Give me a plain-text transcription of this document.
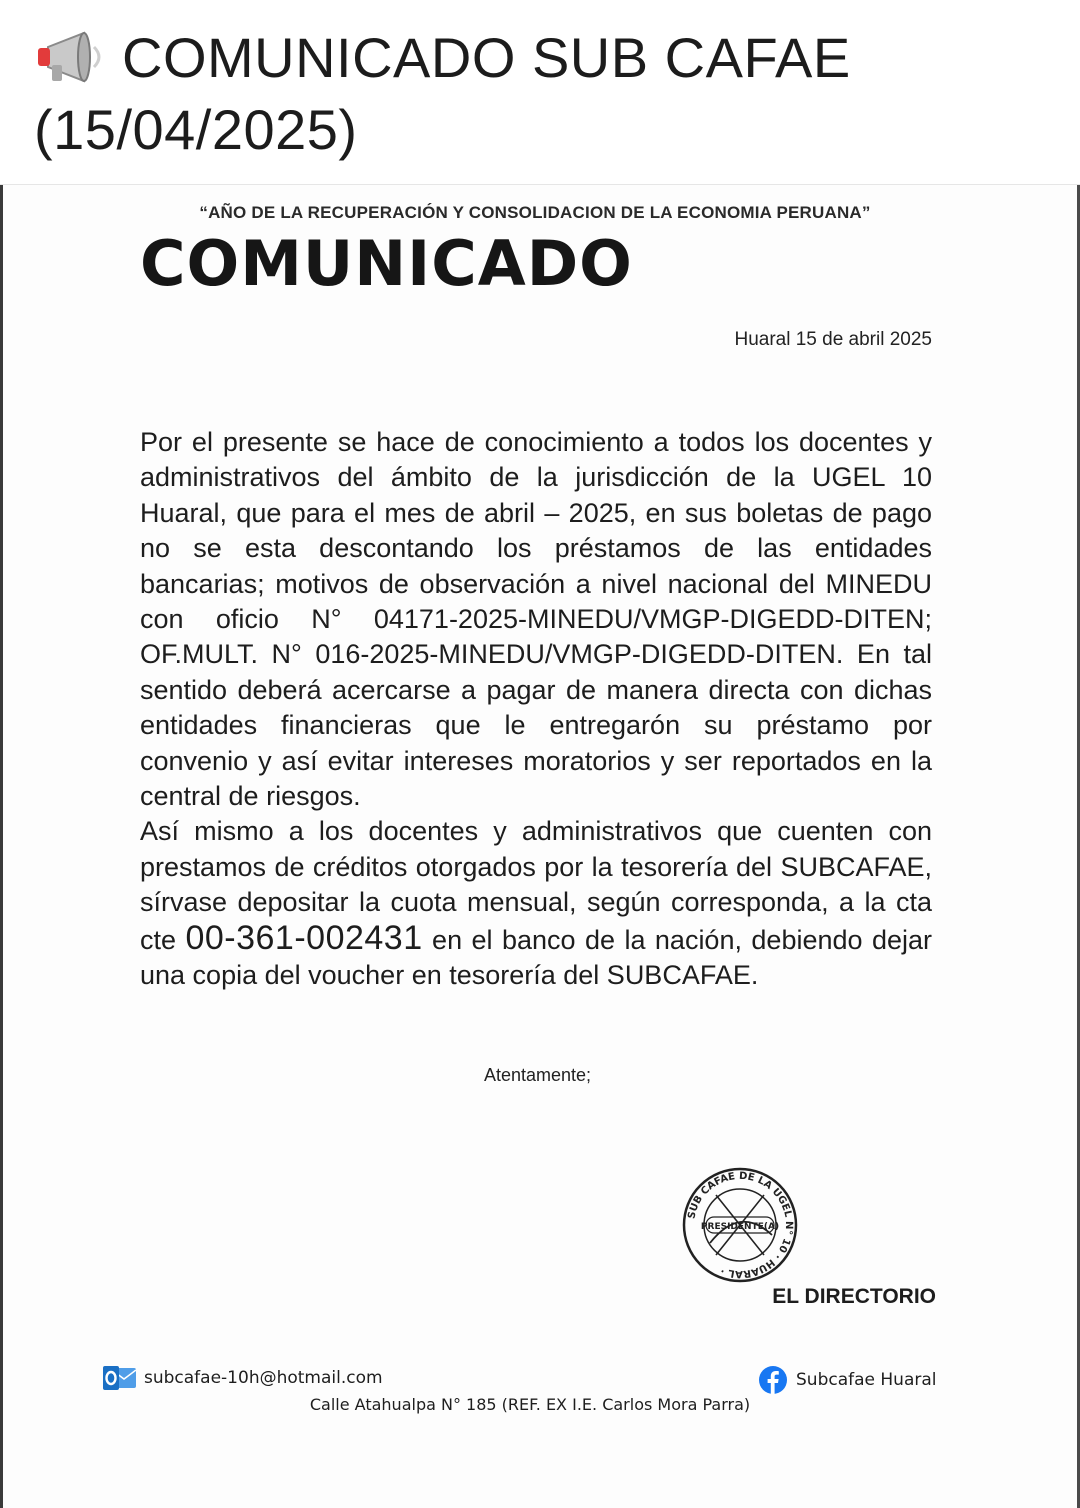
COMUNICADO SUB CAFAE
(15/04/2025)
“AÑO DE LA RECUPERACIÓN Y CONSOLIDACION DE LA ECONOMIA PERUANA”
COMUNICADO
Huaral 15 de abril 2025

Por el presente se hace de conocimiento a todos los docentes y administrativos del ámbito de la jurisdicción de la UGEL 10 Huaral, que para el mes de abril – 2025, en sus boletas de pago no se esta descontando los préstamos de las entidades bancarias; motivos de observación a nivel nacional del MINEDU con oficio N° 04171-2025-MINEDU/VMGP-DIGEDD-DITEN; OF.MULT. N° 016-2025-MINEDU/VMGP-DIGEDD-DITEN. En tal sentido deberá acercarse a pagar de manera directa con dichas entidades financieras que le entregarón su préstamo por convenio y así evitar intereses moratorios y ser reportados en la central de riesgos.

Así mismo a los docentes y administrativos que cuenten con prestamos de créditos otorgados por la tesorería del SUBCAFAE, sírvase depositar la cuota mensual, según corresponda, a la cta cte 00-361-002431 en el banco de la nación, debiendo dejar una copia del voucher en tesorería del SUBCAFAE.

Atentamente;
SUB CAFAE DE LA UGEL N° 10 · HUARAL ·
PRESIDENTE(A)
EL DIRECTORIO
subcafae-10h@hotmail.com	Subcafae Huaral
Calle Atahualpa N° 185 (REF. EX I.E. Carlos Mora Parra)
